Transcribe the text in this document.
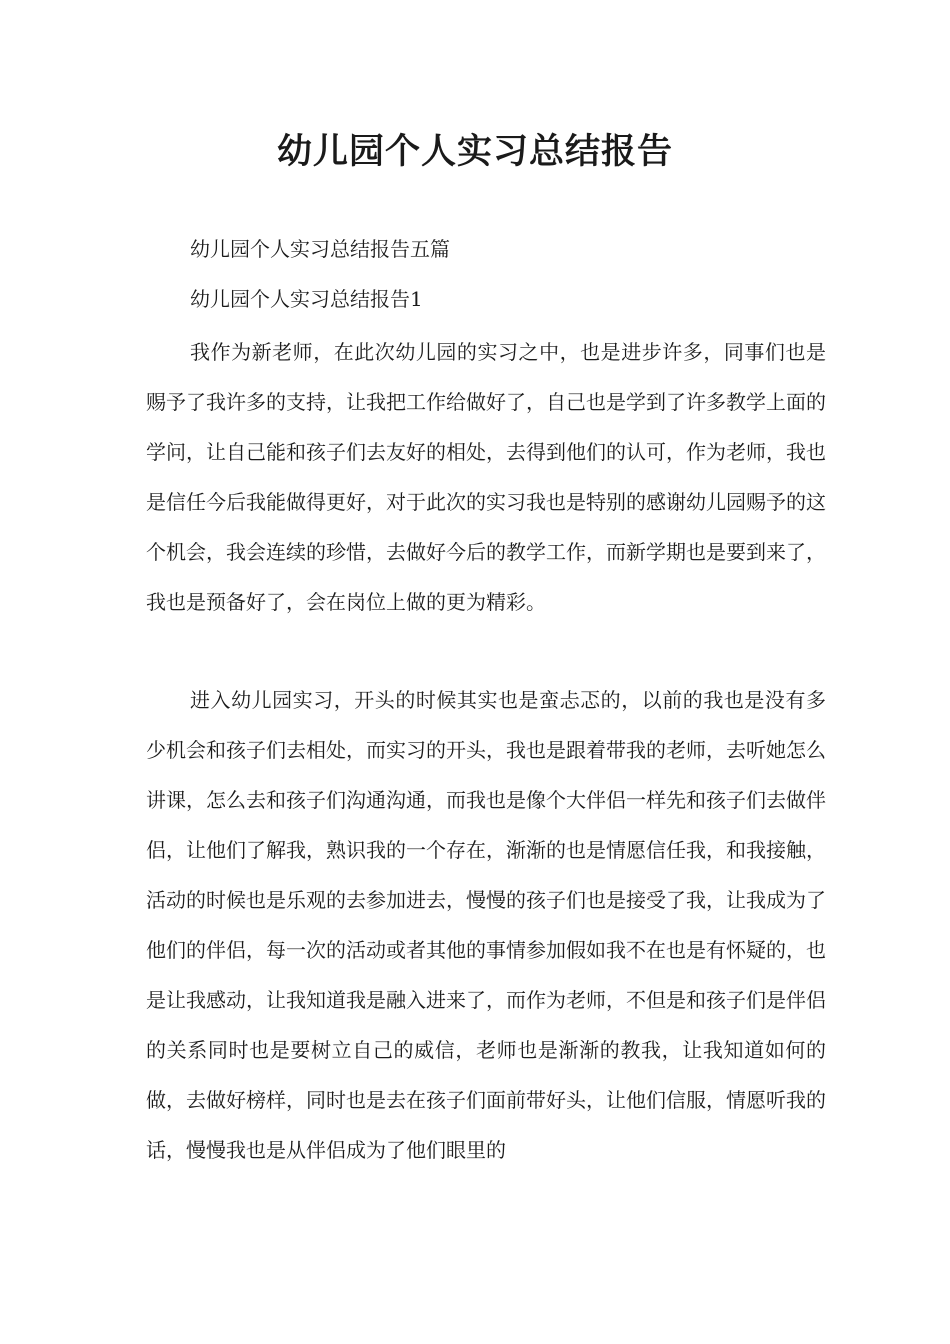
幼儿园个人实习总结报告

幼儿园个人实习总结报告五篇

幼儿园个人实习总结报告1

我作为新老师，在此次幼儿园的实习之中，也是进步许多，同事们也是赐予了我许多的支持，让我把工作给做好了，自己也是学到了许多教学上面的学问，让自己能和孩子们去友好的相处，去得到他们的认可，作为老师，我也是信任今后我能做得更好，对于此次的实习我也是特别的感谢幼儿园赐予的这个机会，我会连续的珍惜，去做好今后的教学工作，而新学期也是要到来了，我也是预备好了，会在岗位上做的更为精彩。

进入幼儿园实习，开头的时候其实也是蛮忐忑的，以前的我也是没有多少机会和孩子们去相处，而实习的开头，我也是跟着带我的老师，去听她怎么讲课，怎么去和孩子们沟通沟通，而我也是像个大伴侣一样先和孩子们去做伴侣，让他们了解我，熟识我的一个存在，渐渐的也是情愿信任我，和我接触，活动的时候也是乐观的去参加进去，慢慢的孩子们也是接受了我，让我成为了他们的伴侣，每一次的活动或者其他的事情参加假如我不在也是有怀疑的，也是让我感动，让我知道我是融入进来了，而作为老师，不但是和孩子们是伴侣的关系同时也是要树立自己的威信，老师也是渐渐的教我，让我知道如何的做，去做好榜样，同时也是去在孩子们面前带好头，让他们信服，情愿听我的话，慢慢我也是从伴侣成为了他们眼里的
